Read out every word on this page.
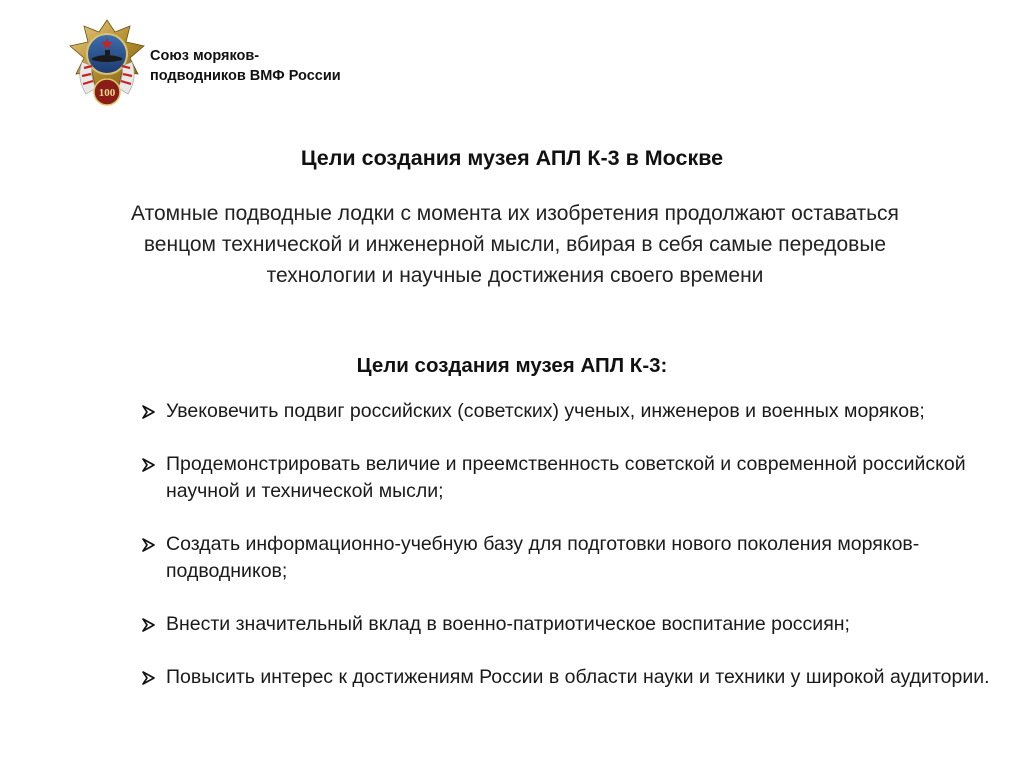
100
Союз моряков-
подводников ВМФ России
Цели создания музея АПЛ К-3 в Москве
Атомные подводные лодки с момента их изобретения продолжают оставаться венцом технической и инженерной мысли, вбирая в себя самые передовые технологии и научные достижения своего времени
Цели создания музея АПЛ К-3:
Увековечить подвиг российских (советских) ученых, инженеров и военных моряков;
Продемонстрировать величие и преемственность советской и современной российской научной и технической мысли;
Создать информационно-учебную базу для подготовки нового поколения моряков-подводников;
Внести значительный вклад в военно-патриотическое воспитание россиян;
Повысить интерес к достижениям России в области науки и техники у широкой аудитории.
